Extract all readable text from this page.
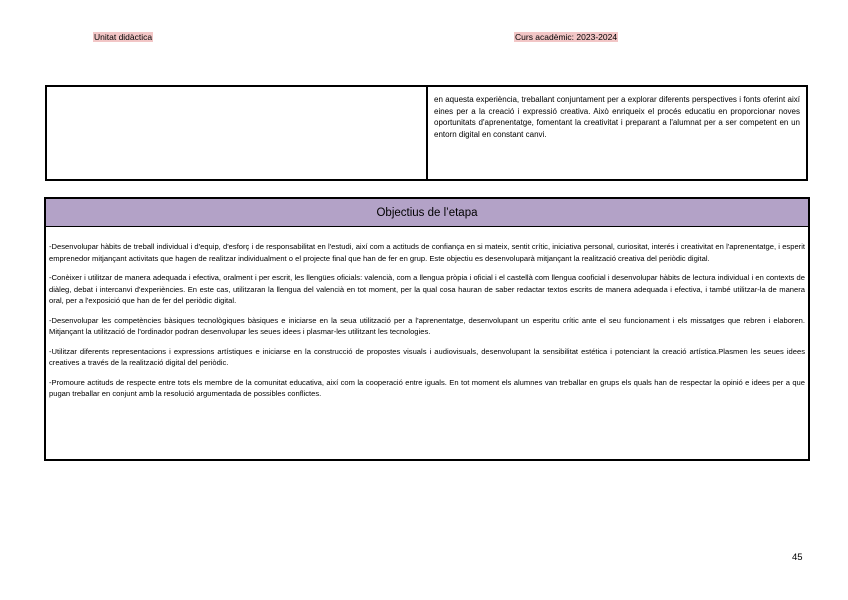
Unitat didàctica	Curs acadèmic: 2023-2024
en aquesta experiència, treballant conjuntament per a explorar diferents perspectives i fonts oferint així eines per a la creació i expressió creativa. Això enriqueix el procés educatiu en proporcionar noves oportunitats d'aprenentatge, fomentant la creativitat i preparant a l'alumnat per a ser competent en un entorn digital en constant canvi.
Objectius de l’etapa

-Desenvolupar hàbits de treball individual i d'equip, d'esforç i de responsabilitat en l'estudi, així com a actituds de confiança en si mateix, sentit crític, iniciativa personal, curiositat, interés i creativitat en l'aprenentatge, i esperit emprenedor mitjançant activitats que hagen de realitzar individualment o el projecte final que han de fer en grup. Este objectiu es desenvoluparà mitjançant la realització creativa del periòdic digital.

-Conèixer i utilitzar de manera adequada i efectiva, oralment i per escrit, les llengües oficials: valencià, com a llengua pròpia i oficial i el castellà com llengua cooficial i desenvolupar hàbits de lectura individual i en contexts de diàleg, debat i intercanvi d'experiències. En este cas, utilitzaran la llengua del valencià en tot moment, per la qual cosa hauran de saber redactar textos escrits de manera adequada i efectiva, i també utilitzar-la de manera oral, per a l'exposició que han de fer del periòdic digital.

-Desenvolupar les competències bàsiques tecnològiques bàsiques e iniciarse en la seua utilització per a l'aprenentatge, desenvolupant un esperitu crític ante el seu funcionament i els missatges que rebren i elaboren. Mitjançant la utilització de l'ordinador podran desenvolupar les seues idees i plasmar-les utilitzant les tecnologies.

-Utilitzar diferents representacions i expressions artístiques e iniciarse en la construcció de propostes visuals i audiovisuals, desenvolupant la sensibilitat estética i potenciant la creació artística.Plasmen les seues idees creatives a través de la realització digital del periòdic.

-Promoure actituds de respecte entre tots els membre de la comunitat educativa, així com la cooperació entre iguals. En tot moment els alumnes van treballar en grups els quals han de respectar la opinió e idees per a que pugan treballar en conjunt amb la resolució argumentada de possibles conflictes.

45
